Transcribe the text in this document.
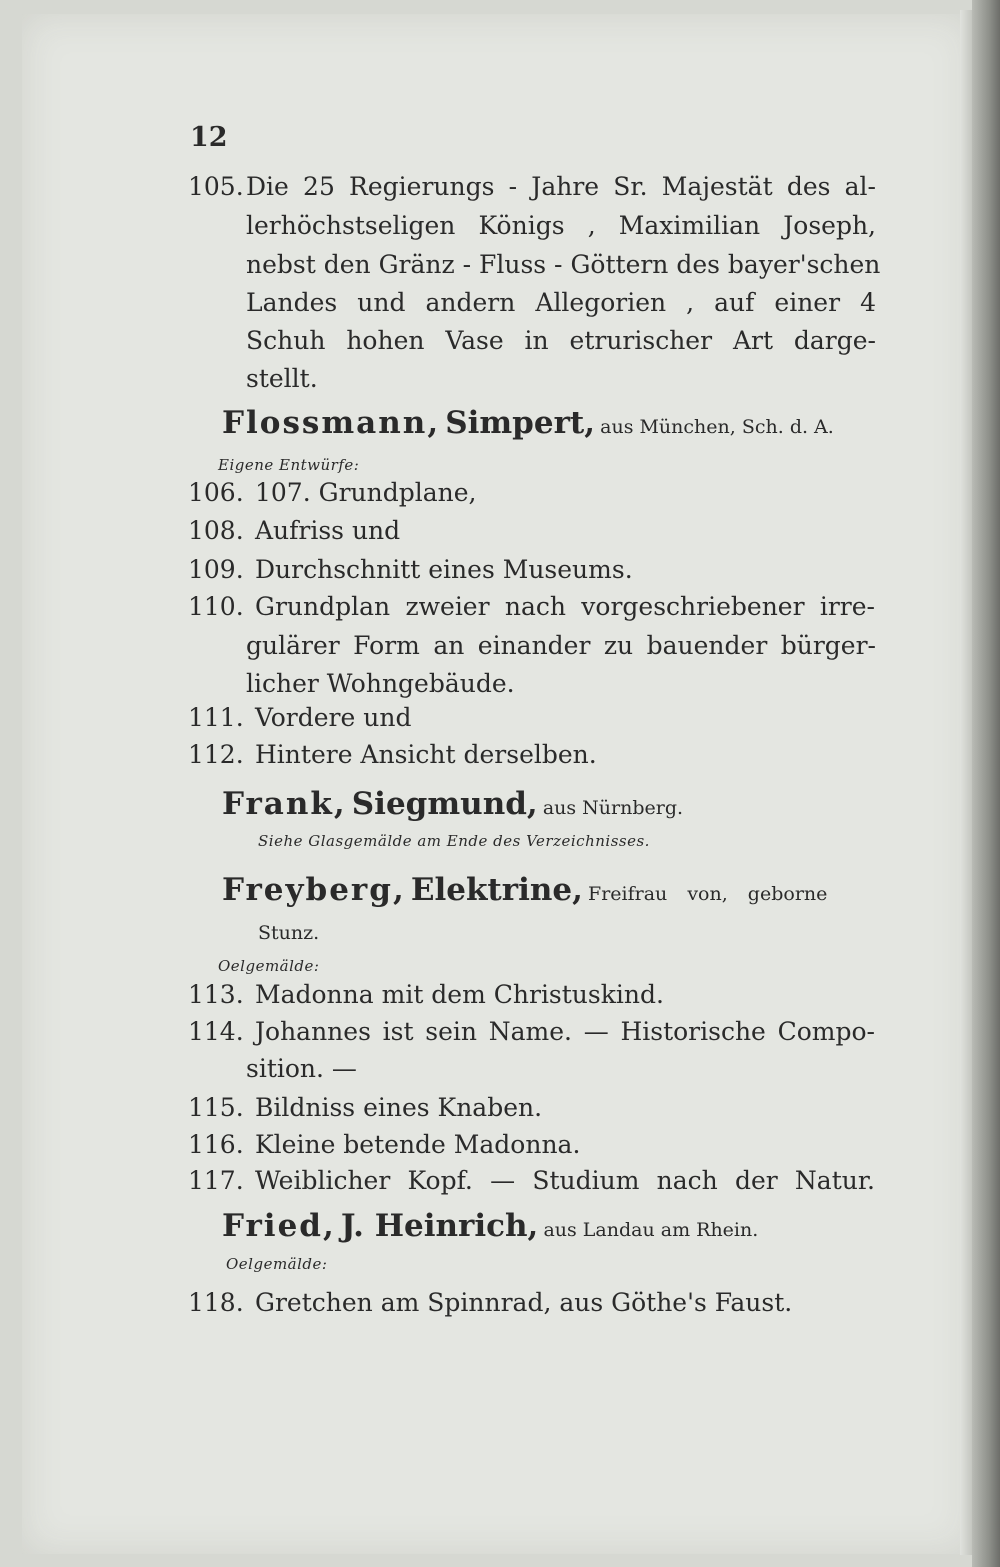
12
105. Die 25 Regierungs - Jahre Sr. Majestät des al-
lerhöchstseligen Königs , Maximilian Joseph,
nebst den Gränz - Fluss - Göttern des bayer'schen
Landes und andern Allegorien , auf einer 4
Schuh hohen Vase in etrurischer Art darge-
stellt.
Flossmann, Simpert, aus München, Sch. d. A.
Eigene Entwürfe:
106. 107. Grundplane,
108. Aufriss und
109. Durchschnitt eines Museums.
110. Grundplan zweier nach vorgeschriebener irre-
gulärer Form an einander zu bauender bürger-
licher Wohngebäude.
111. Vordere und
112. Hintere Ansicht derselben.
Frank, Siegmund, aus Nürnberg.
Siehe Glasgemälde am Ende des Verzeichnisses.
Freyberg, Elektrine, Freifrau von, geborne
Stunz.
Oelgemälde:
113. Madonna mit dem Christuskind.
114. Johannes ist sein Name. — Historische Compo-
sition. —
115. Bildniss eines Knaben.
116. Kleine betende Madonna.
117. Weiblicher Kopf. — Studium nach der Natur.
Fried, J. Heinrich, aus Landau am Rhein.
Oelgemälde:
118. Gretchen am Spinnrad, aus Göthe's Faust.
